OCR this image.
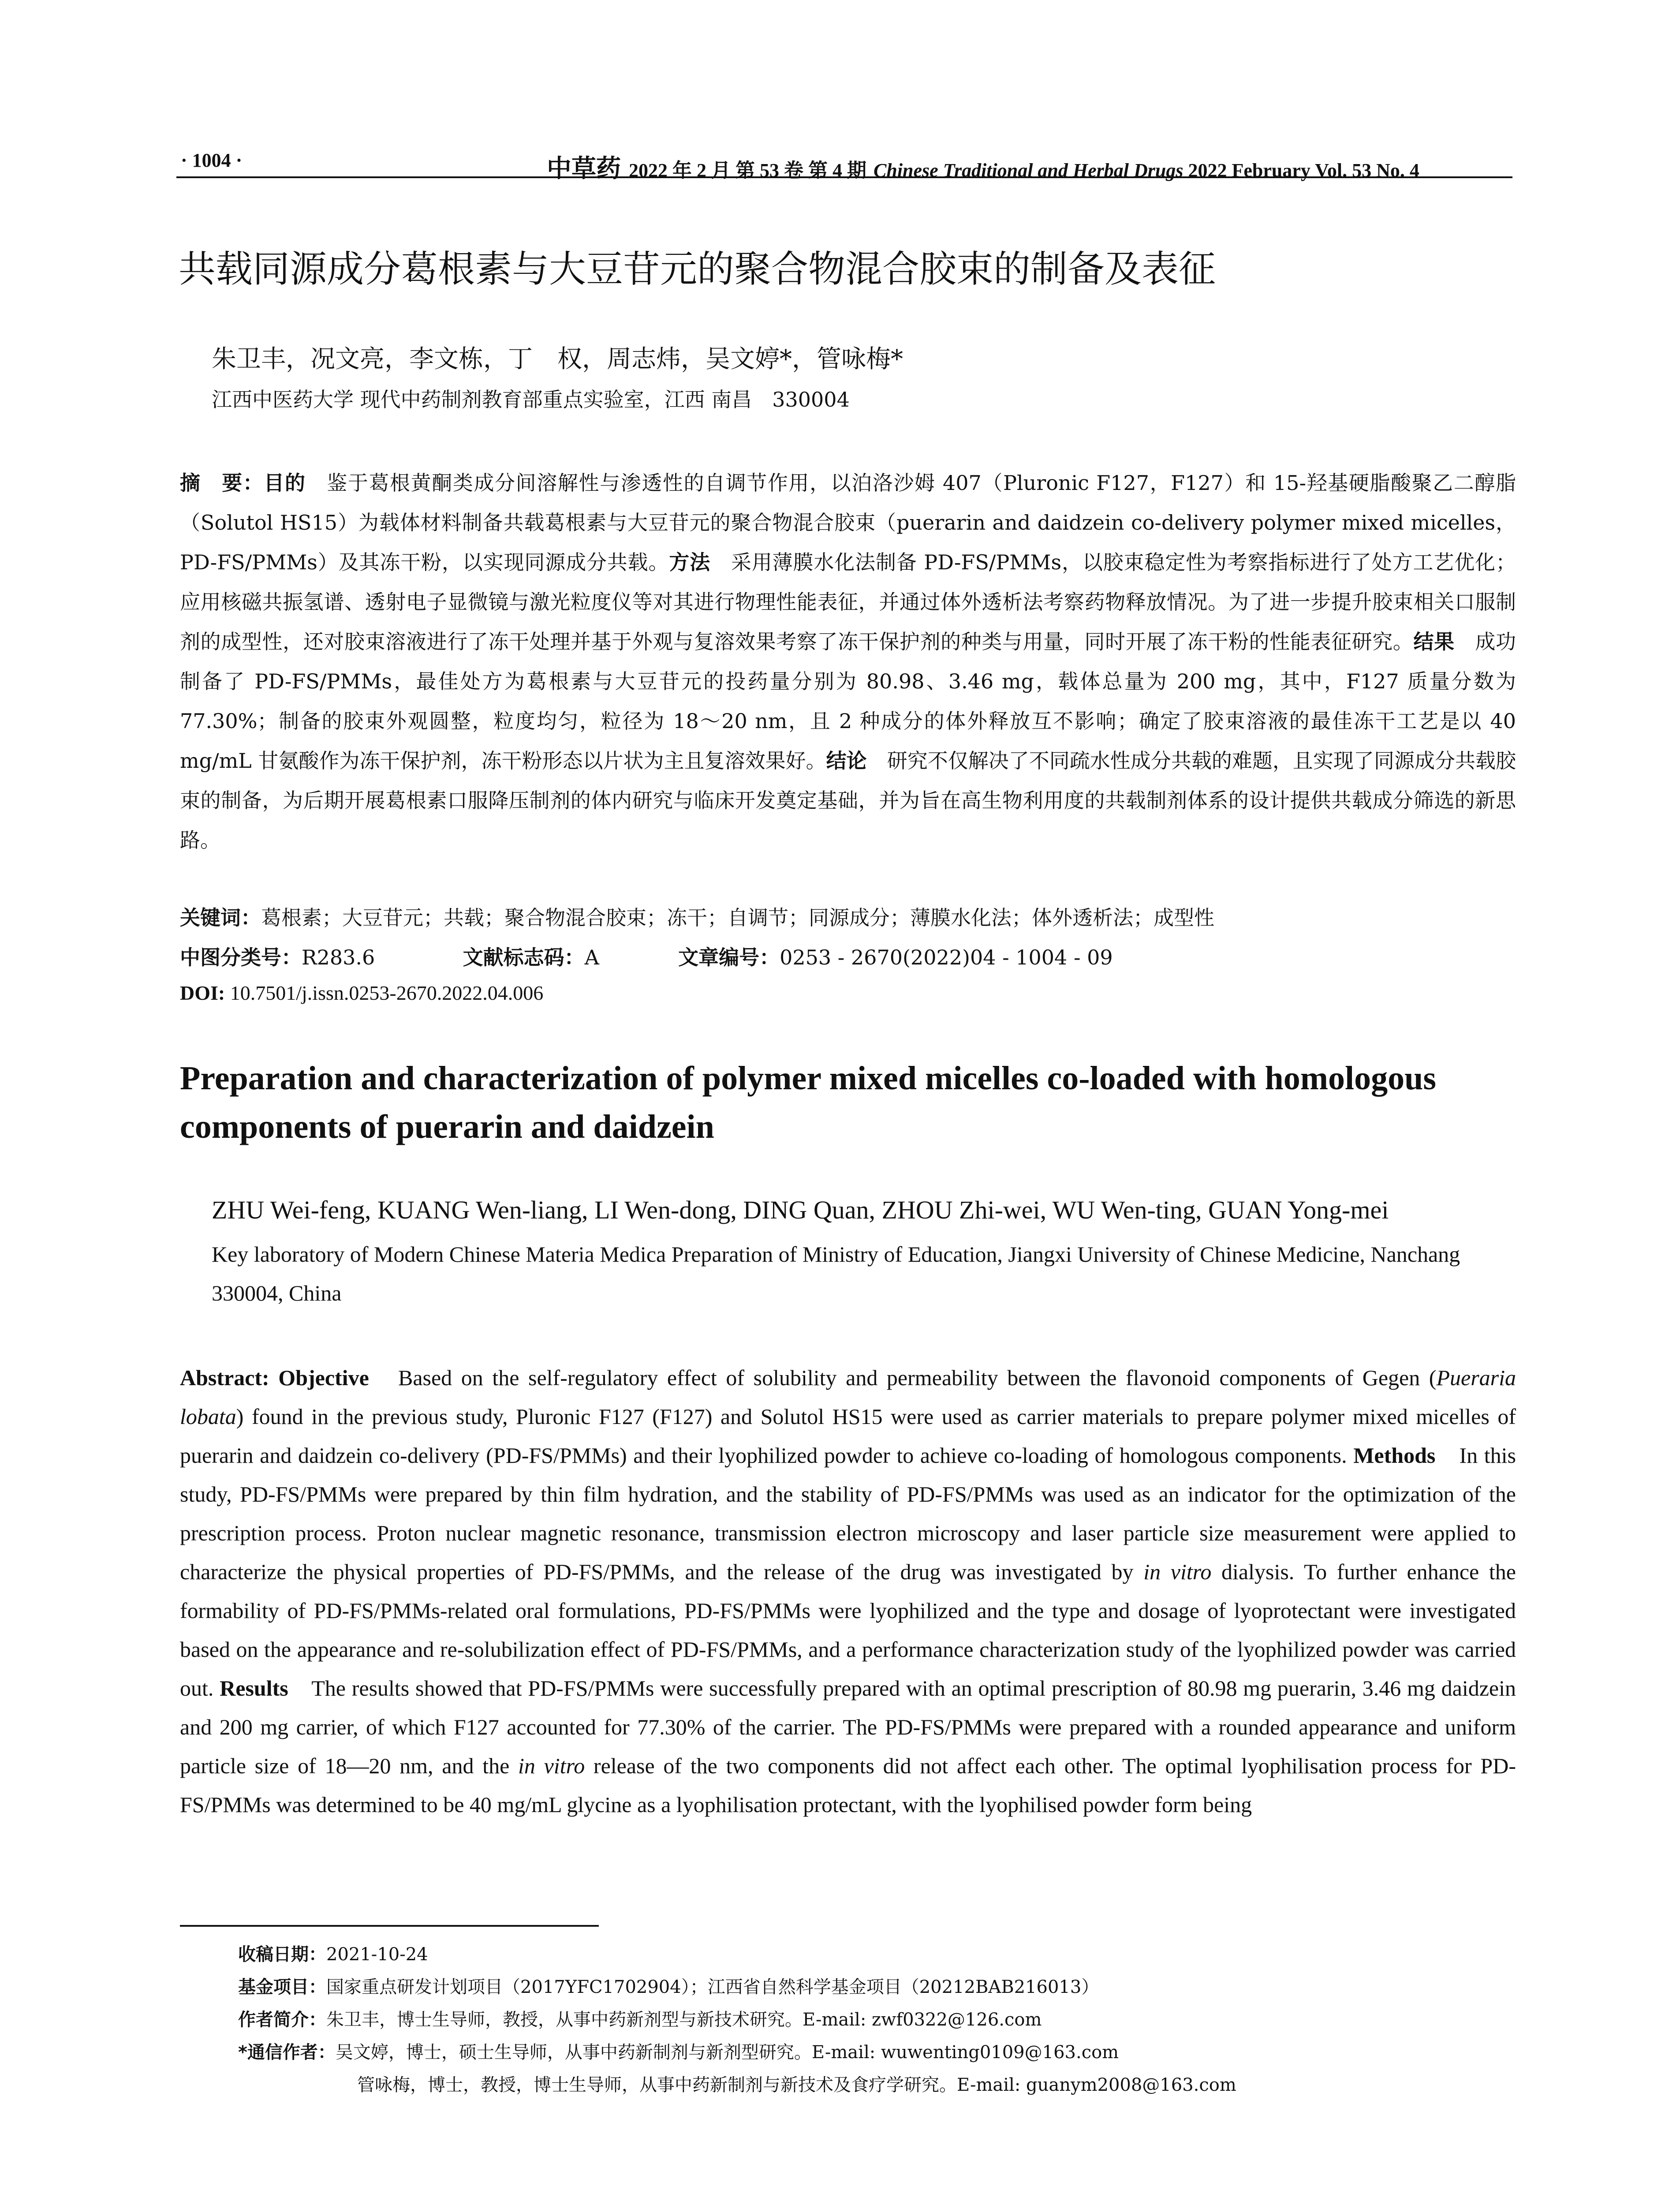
· 1004 ·	中草药 2022 年 2 月 第 53 卷 第 4 期 Chinese Traditional and Herbal Drugs 2022 February Vol. 53 No. 4
共载同源成分葛根素与大豆苷元的聚合物混合胶束的制备及表征
朱卫丰，况文亮，李文栋，丁　权，周志炜，吴文婷*，管咏梅*
江西中医药大学 现代中药制剂教育部重点实验室，江西 南昌　330004

摘　要：目的　鉴于葛根黄酮类成分间溶解性与渗透性的自调节作用，以泊洛沙姆 407（Pluronic F127，F127）和 15-羟基硬脂酸聚乙二醇脂（Solutol HS15）为载体材料制备共载葛根素与大豆苷元的聚合物混合胶束（puerarin and daidzein co-delivery polymer mixed micelles，PD-FS/PMMs）及其冻干粉，以实现同源成分共载。方法　采用薄膜水化法制备 PD-FS/PMMs，以胶束稳定性为考察指标进行了处方工艺优化；应用核磁共振氢谱、透射电子显微镜与激光粒度仪等对其进行物理性能表征，并通过体外透析法考察药物释放情况。为了进一步提升胶束相关口服制剂的成型性，还对胶束溶液进行了冻干处理并基于外观与复溶效果考察了冻干保护剂的种类与用量，同时开展了冻干粉的性能表征研究。结果　成功制备了 PD-FS/PMMs，最佳处方为葛根素与大豆苷元的投药量分别为 80.98、3.46 mg，载体总量为 200 mg，其中，F127 质量分数为 77.30%；制备的胶束外观圆整，粒度均匀，粒径为 18～20 nm，且 2 种成分的体外释放互不影响；确定了胶束溶液的最佳冻干工艺是以 40 mg/mL 甘氨酸作为冻干保护剂，冻干粉形态以片状为主且复溶效果好。结论　研究不仅解决了不同疏水性成分共载的难题，且实现了同源成分共载胶束的制备，为后期开展葛根素口服降压制剂的体内研究与临床开发奠定基础，并为旨在高生物利用度的共载制剂体系的设计提供共载成分筛选的新思路。

关键词：葛根素；大豆苷元；共载；聚合物混合胶束；冻干；自调节；同源成分；薄膜水化法；体外透析法；成型性
中图分类号：R283.6	文献标志码：A	文章编号：0253 - 2670(2022)04 - 1004 - 09
DOI: 10.7501/j.issn.0253-2670.2022.04.006
Preparation and characterization of polymer mixed micelles co-loaded with homologous components of puerarin and daidzein
ZHU Wei-feng, KUANG Wen-liang, LI Wen-dong, DING Quan, ZHOU Zhi-wei, WU Wen-ting, GUAN Yong-mei
Key laboratory of Modern Chinese Materia Medica Preparation of Ministry of Education, Jiangxi University of Chinese Medicine, Nanchang 330004, China

Abstract: Objective　Based on the self-regulatory effect of solubility and permeability between the flavonoid components of Gegen (Pueraria lobata) found in the previous study, Pluronic F127 (F127) and Solutol HS15 were used as carrier materials to prepare polymer mixed micelles of puerarin and daidzein co-delivery (PD-FS/PMMs) and their lyophilized powder to achieve co-loading of homologous components. Methods　In this study, PD-FS/PMMs were prepared by thin film hydration, and the stability of PD-FS/PMMs was used as an indicator for the optimization of the prescription process. Proton nuclear magnetic resonance, transmission electron microscopy and laser particle size measurement were applied to characterize the physical properties of PD-FS/PMMs, and the release of the drug was investigated by in vitro dialysis. To further enhance the formability of PD-FS/PMMs-related oral formulations, PD-FS/PMMs were lyophilized and the type and dosage of lyoprotectant were investigated based on the appearance and re-solubilization effect of PD-FS/PMMs, and a performance characterization study of the lyophilized powder was carried out. Results　The results showed that PD-FS/PMMs were successfully prepared with an optimal prescription of 80.98 mg puerarin, 3.46 mg daidzein and 200 mg carrier, of which F127 accounted for 77.30% of the carrier. The PD-FS/PMMs were prepared with a rounded appearance and uniform particle size of 18—20 nm, and the in vitro release of the two components did not affect each other. The optimal lyophilisation process for PD-FS/PMMs was determined to be 40 mg/mL glycine as a lyophilisation protectant, with the lyophilised powder form being

收稿日期：2021-10-24
基金项目：国家重点研发计划项目（2017YFC1702904）；江西省自然科学基金项目（20212BAB216013）
作者简介：朱卫丰，博士生导师，教授，从事中药新剂型与新技术研究。E-mail: zwf0322@126.com
*通信作者：吴文婷，博士，硕士生导师，从事中药新制剂与新剂型研究。E-mail: wuwenting0109@163.com
管咏梅，博士，教授，博士生导师，从事中药新制剂与新技术及食疗学研究。E-mail: guanym2008@163.com
